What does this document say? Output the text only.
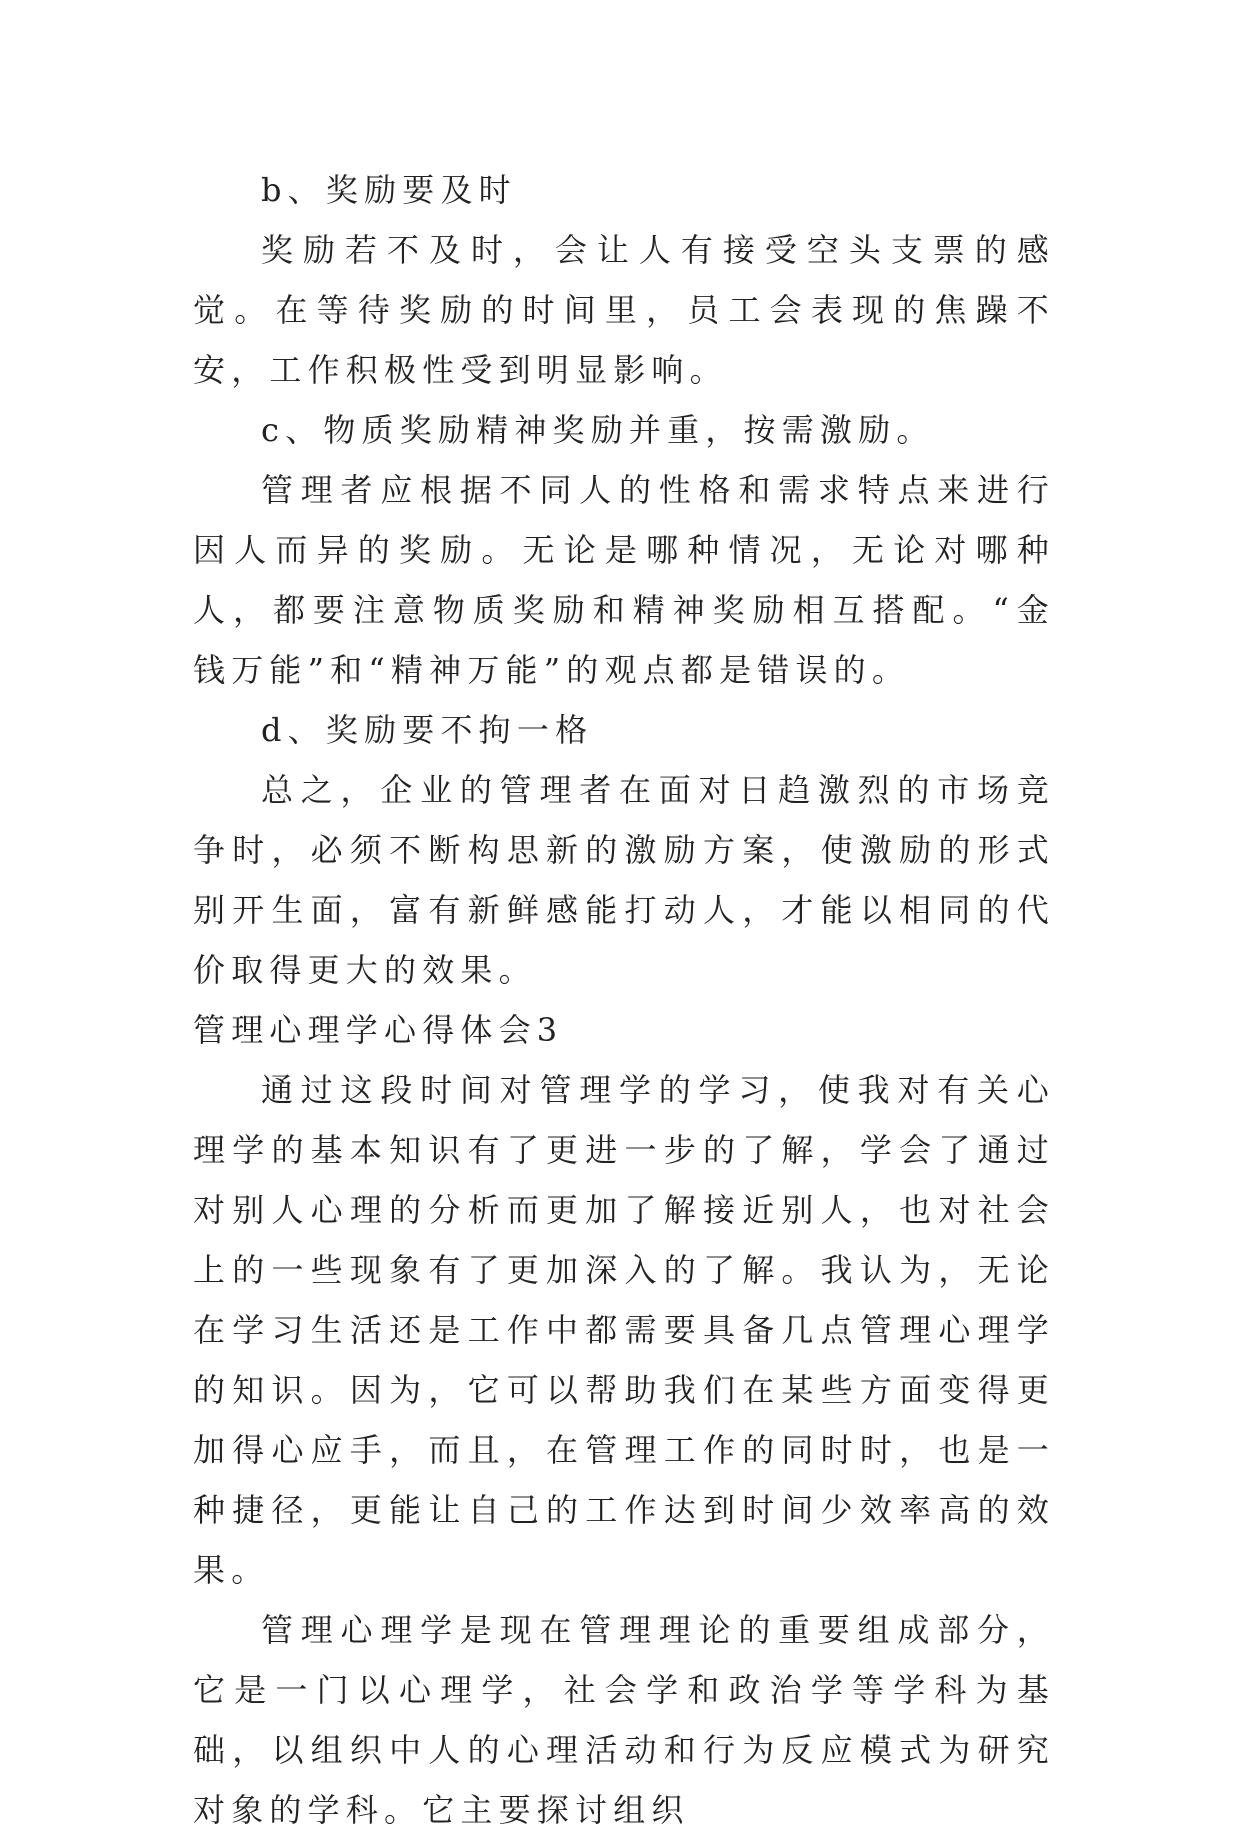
b、奖励要及时

奖励若不及时，会让人有接受空头支票的感觉。在等待奖励的时间里，员工会表现的焦躁不安，工作积极性受到明显影响。

c、物质奖励精神奖励并重，按需激励。

管理者应根据不同人的性格和需求特点来进行因人而异的奖励。无论是哪种情况，无论对哪种人，都要注意物质奖励和精神奖励相互搭配。“金钱万能”和“精神万能”的观点都是错误的。

d、奖励要不拘一格

总之，企业的管理者在面对日趋激烈的市场竞争时，必须不断构思新的激励方案，使激励的形式别开生面，富有新鲜感能打动人，才能以相同的代价取得更大的效果。

管理心理学心得体会3

通过这段时间对管理学的学习，使我对有关心理学的基本知识有了更进一步的了解，学会了通过对别人心理的分析而更加了解接近别人，也对社会上的一些现象有了更加深入的了解。我认为，无论在学习生活还是工作中都需要具备几点管理心理学的知识。因为，它可以帮助我们在某些方面变得更加得心应手，而且，在管理工作的同时时，也是一种捷径，更能让自己的工作达到时间少效率高的效果。

管理心理学是现在管理理论的重要组成部分，它是一门以心理学，社会学和政治学等学科为基础，以组织中人的心理活动和行为反应模式为研究对象的学科。它主要探讨组织
